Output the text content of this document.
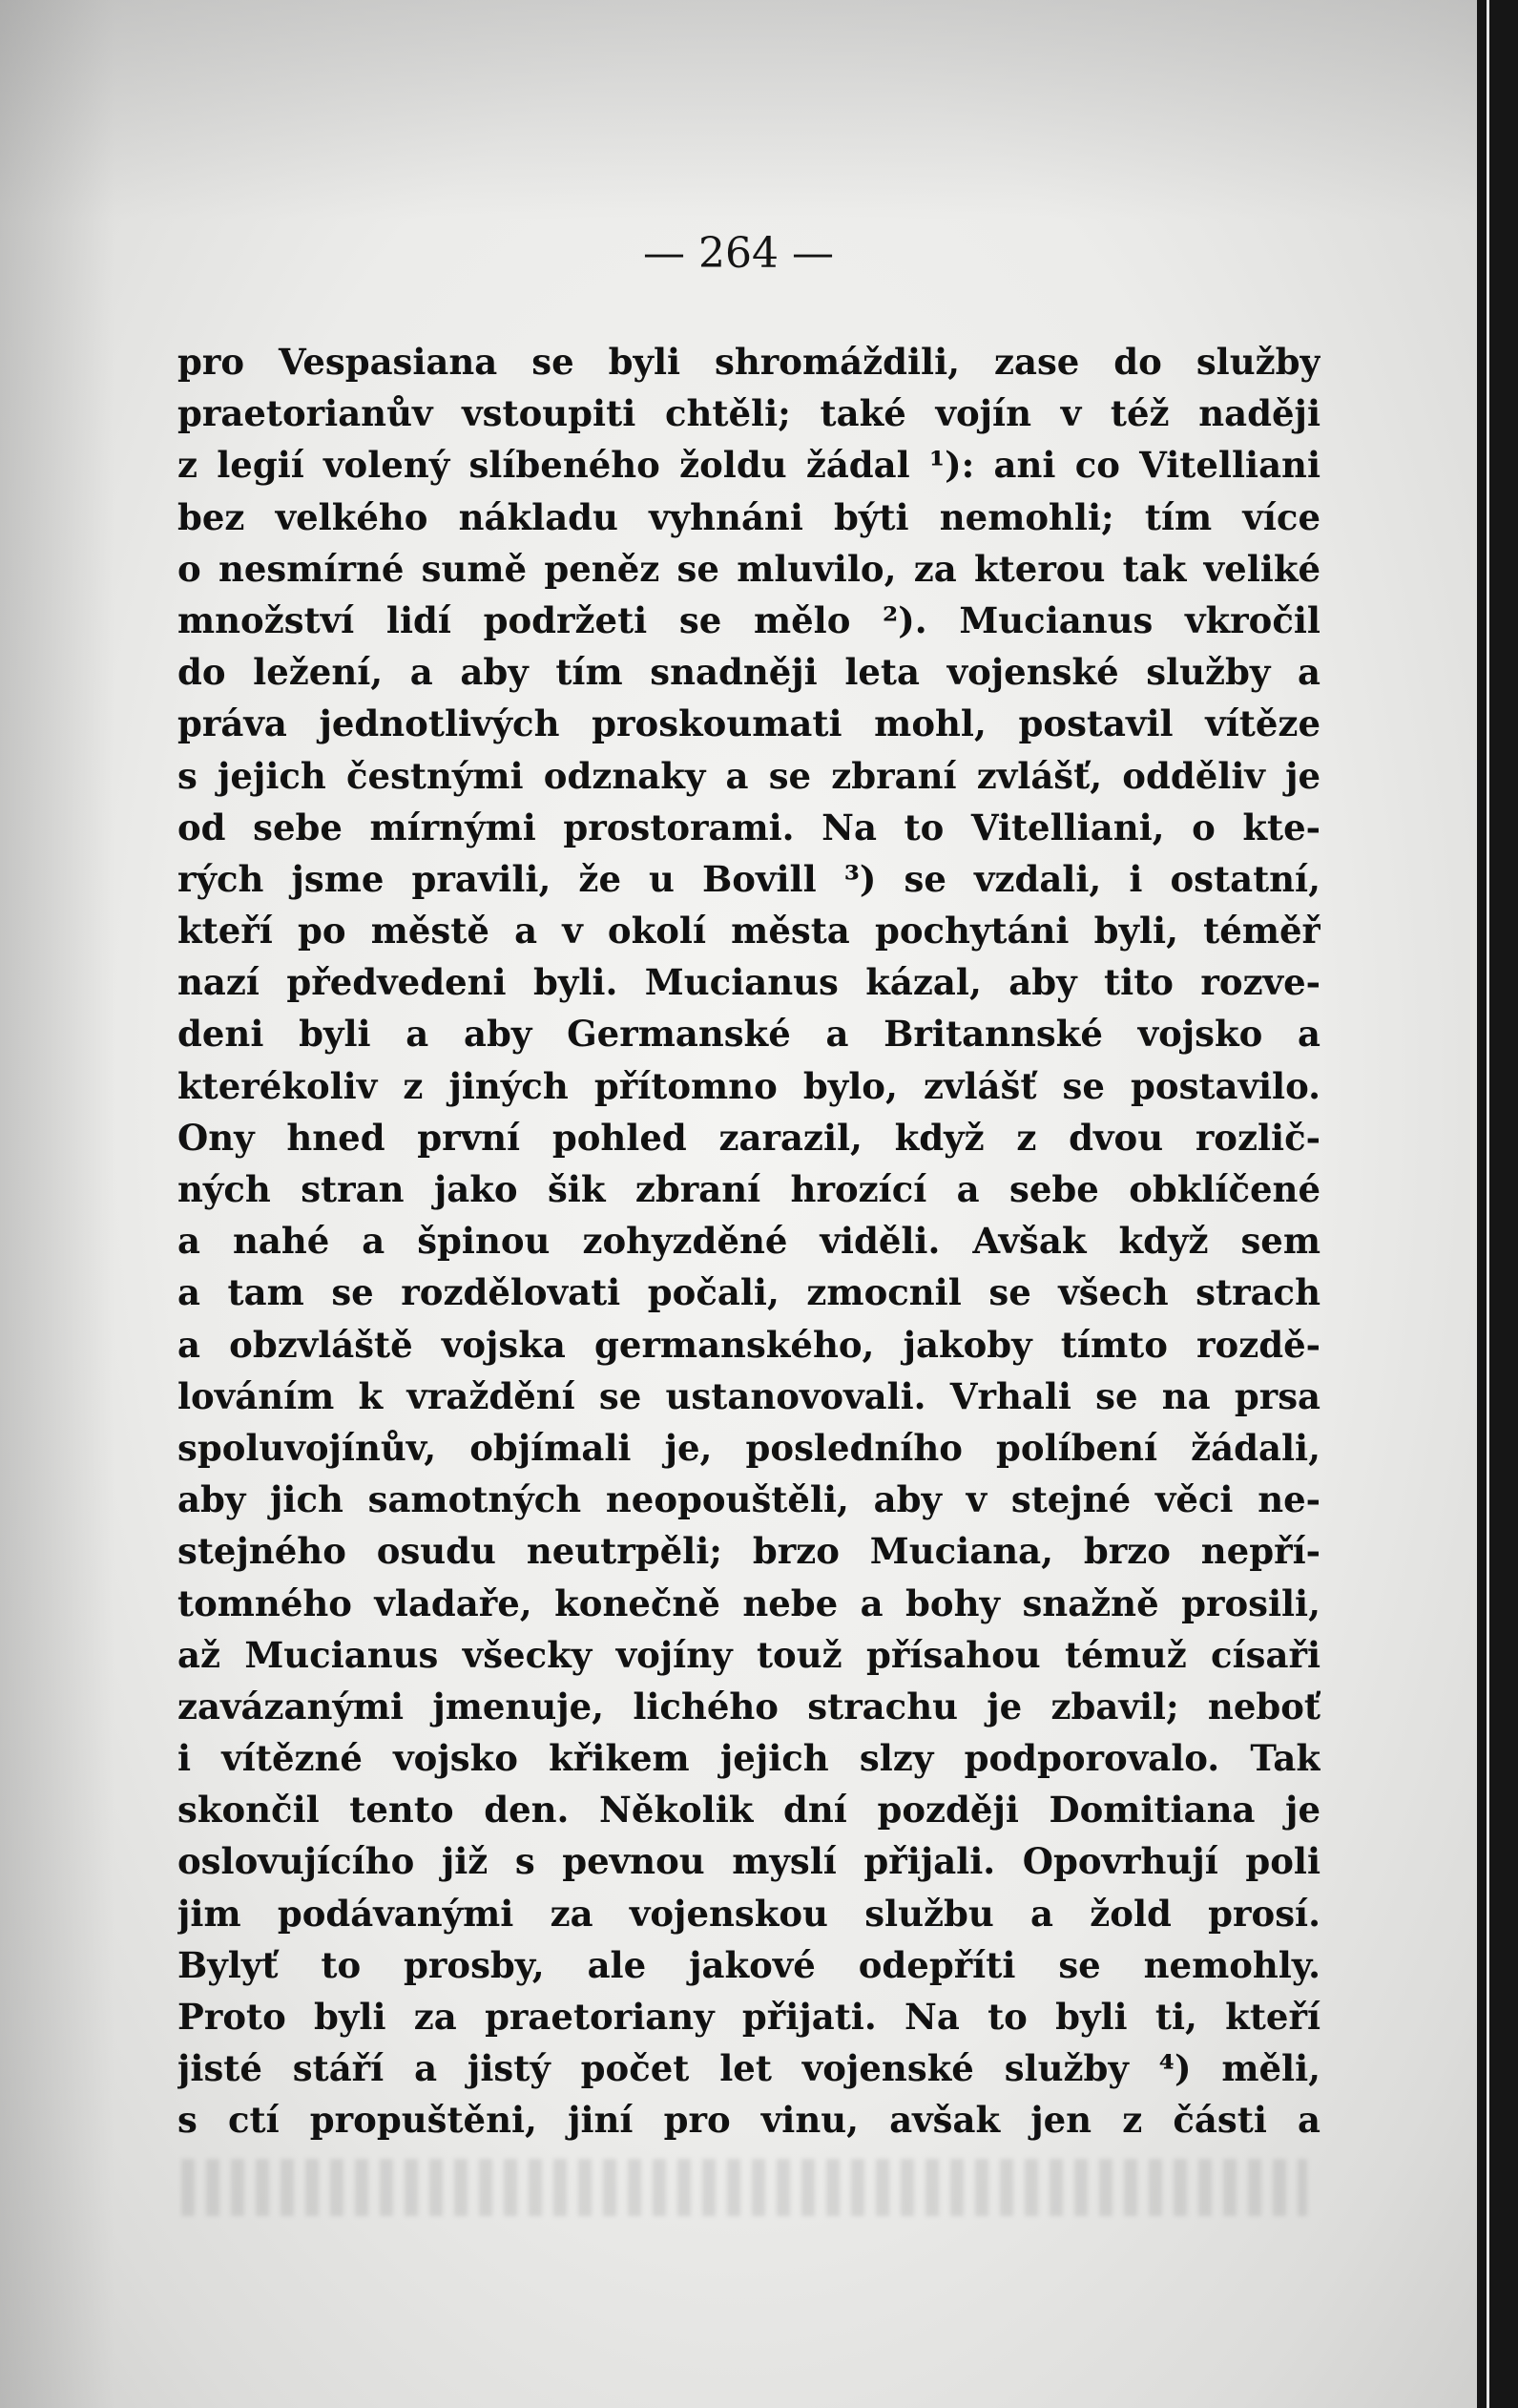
— 264 —
pro Vespasiana se byli shromáždili, zase do služby
praetorianův vstoupiti chtěli; také vojín v též naději
z legií volený slíbeného žoldu žádal ¹): ani co Vitelliani
bez velkého nákladu vyhnáni býti nemohli; tím více
o nesmírné sumě peněz se mluvilo, za kterou tak veliké
množství lidí podržeti se mělo ²). Mucianus vkročil
do ležení, a aby tím snadněji leta vojenské služby a
práva jednotlivých proskoumati mohl, postavil vítěze
s jejich čestnými odznaky a se zbraní zvlášť, odděliv je
od sebe mírnými prostorami. Na to Vitelliani, o kte-
rých jsme pravili, že u Bovill ³) se vzdali, i ostatní,
kteří po městě a v okolí města pochytáni byli, téměř
nazí předvedeni byli. Mucianus kázal, aby tito rozve-
deni byli a aby Germanské a Britannské vojsko a
kterékoliv z jiných přítomno bylo, zvlášť se postavilo.
Ony hned první pohled zarazil, když z dvou rozlič-
ných stran jako šik zbraní hrozící a sebe obklíčené
a nahé a špinou zohyzděné viděli. Avšak když sem
a tam se rozdělovati počali, zmocnil se všech strach
a obzvláště vojska germanského, jakoby tímto rozdě-
lováním k vraždění se ustanovovali. Vrhali se na prsa
spoluvojínův, objímali je, posledního políbení žádali,
aby jich samotných neopouštěli, aby v stejné věci ne-
stejného osudu neutrpěli; brzo Muciana, brzo nepří-
tomného vladaře, konečně nebe a bohy snažně prosili,
až Mucianus všecky vojíny touž přísahou témuž císaři
zavázanými jmenuje, lichého strachu je zbavil; neboť
i vítězné vojsko křikem jejich slzy podporovalo. Tak
skončil tento den. Několik dní později Domitiana je
oslovujícího již s pevnou myslí přijali. Opovrhují poli
jim podávanými za vojenskou službu a žold prosí.
Bylyť to prosby, ale jakové odepříti se nemohly.
Proto byli za praetoriany přijati. Na to byli ti, kteří
jisté stáří a jistý počet let vojenské služby ⁴) měli,
s ctí propuštěni, jiní pro vinu, avšak jen z části a
